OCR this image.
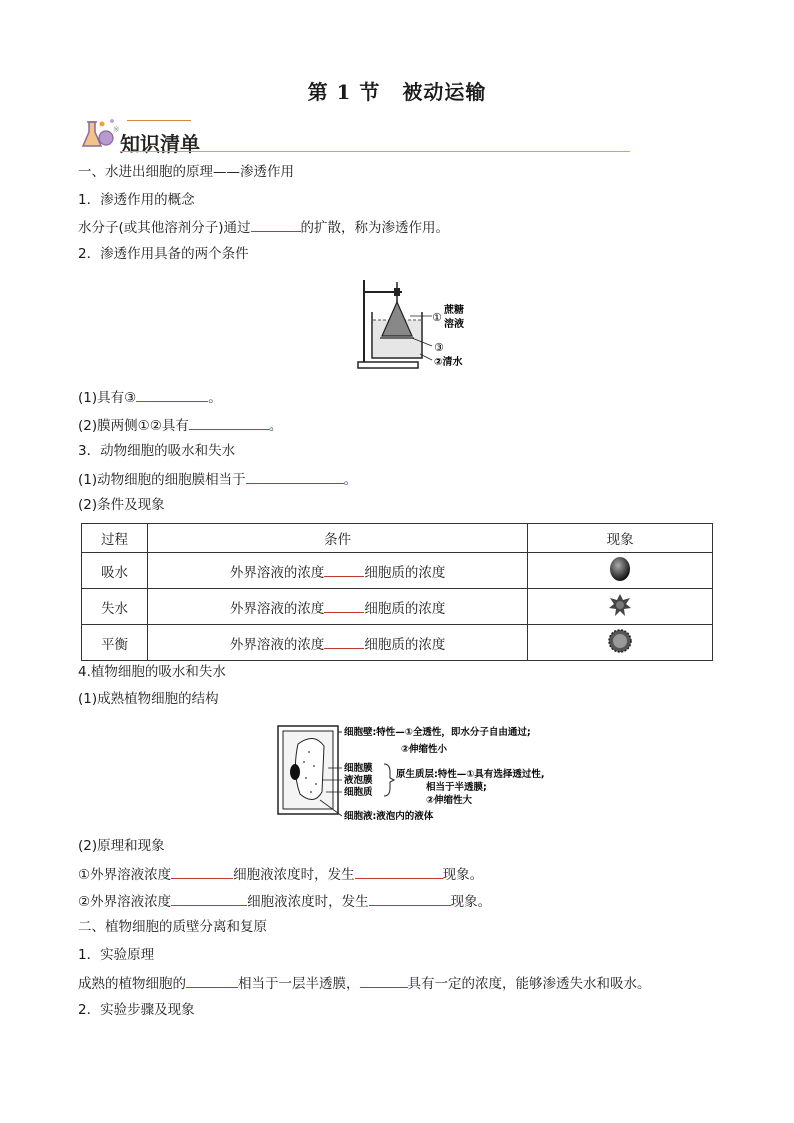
第 1 节 被动运输
※
知识清单
一、水进出细胞的原理——渗透作用
1．渗透作用的概念
水分子(或其他溶剂分子)通过	的扩散，称为渗透作用。
2．渗透作用具备的两个条件
①
蔗糖
溶液
③
②清水
(1)具有③	。
(2)膜两侧①②具有	。
3．动物细胞的吸水和失水
(1)动物细胞的细胞膜相当于	。
(2)条件及现象
过程	条件	现象
吸水	外界溶液的浓度 细胞质的浓度	
失水	外界溶液的浓度 细胞质的浓度	
平衡	外界溶液的浓度 细胞质的浓度	
4.植物细胞的吸水和失水
(1)成熟植物细胞的结构
细胞壁:特性—①全透性，即水分子自由通过;
②伸缩性小
细胞膜
液泡膜
细胞质
原生质层:特性—①具有选择透过性,
相当于半透膜;
②伸缩性大
细胞液:液泡内的液体
(2)原理和现象
①外界溶液浓度	细胞液浓度时，发生	现象。
②外界溶液浓度	细胞液浓度时，发生	现象。
二、植物细胞的质壁分离和复原
1．实验原理
成熟的植物细胞的	相当于一层半透膜，	具有一定的浓度，能够渗透失水和吸水。
2．实验步骤及现象
